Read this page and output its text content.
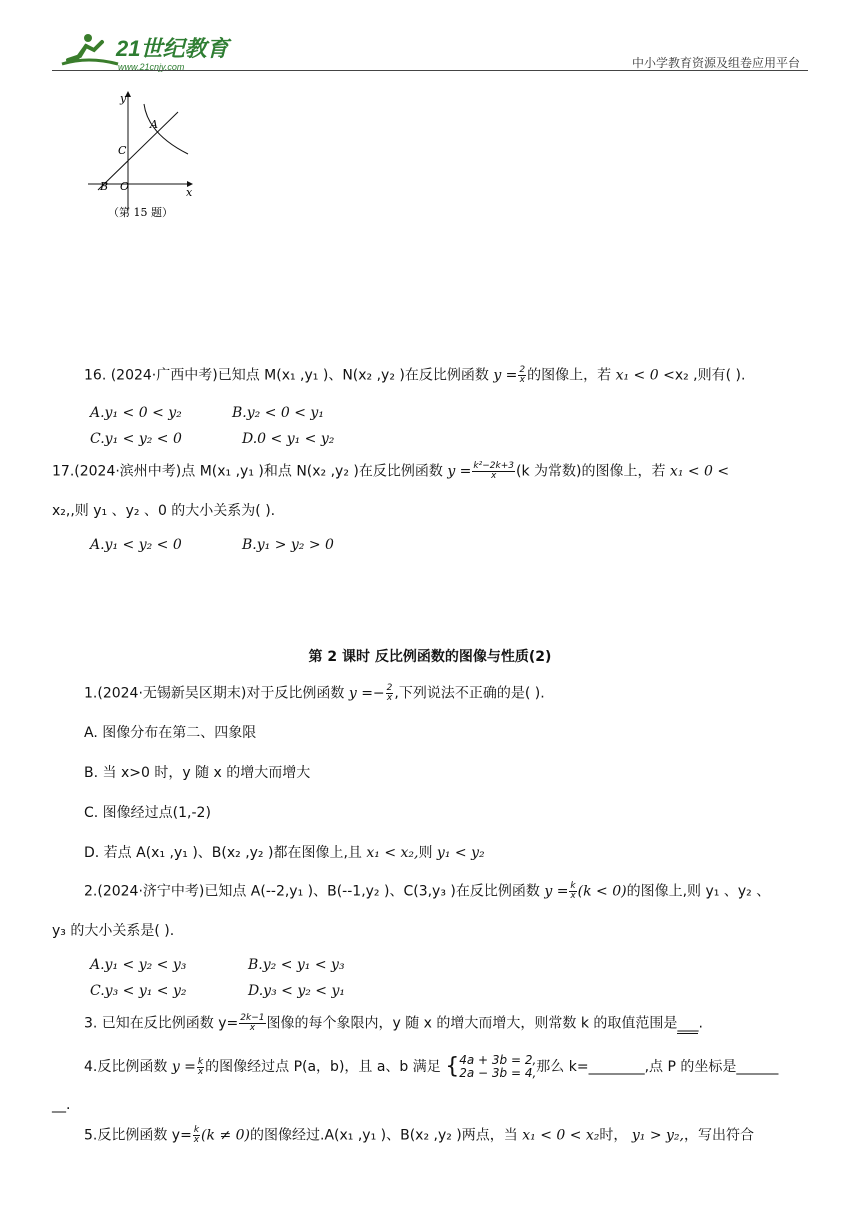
21世纪教育
www.21cnjy.com	中小学教育资源及组卷应用平台
y
x
A
C
B O
（第 15 题）
16. (2024·广西中考)已知点 M(x₁ ,y₁ )、N(x₂ ,y₂ )在反比例函数 $y = \frac{2}{x}$ 的图像上，若 x₁ < 0 <x₂ ,则有( ).
A.y₁ < 0 < y₂	B.y₂ < 0 < y₁
C.y₁ < y₂ < 0	D.0 < y₁ < y₂
17.(2024·滨州中考)点 M(x₁ ,y₁ )和点 N(x₂ ,y₂ )在反比例函数 $y = \frac{\text{k²−2k+3}}{x} (k$ 为常数)的图像上，若 x₁ < 0 <
x₂,,则 y₁ 、y₂ 、0 的大小关系为( ).
A.y₁ < y₂ < 0	B.y₁ > y₂ > 0
第 2 课时 反比例函数的图像与性质(2)
1.(2024·无锡新吴区期末)对于反比例函数 $y =- \frac{2}{x}$ ,下列说法不正确的是( ).
A. 图像分布在第二、四象限
B. 当 x>0 时，y 随 x 的增大而增大
C. 图像经过点(1,-2)
D. 若点 A(x₁ ,y₁ )、B(x₂ ,y₂ )都在图像上,且 x₁ < x₂,则 y₁ < y₂
2.(2024·济宁中考)已知点 A(--2,y₁ )、B(--1,y₂ )、C(3,y₃ )在反比例函数 $y = \frac{k}{x} (k < 0)$的图像上,则 y₁ 、y₂ 、
y₃ 的大小关系是( ).
A.y₁ < y₂ < y₃	B.y₂ < y₁ < y₃
C.y₃ < y₁ < y₂	D.y₃ < y₂ < y₁
3. 已知在反比例函数 $y= \frac{2k-1}{x}$ 图像的每个象限内，y 随 x 的增大而增大，则常数 k 的取值范围是___.
4.反比例函数 $y = \frac{k}{x}$ 的图像经过点 P(a，b)，且 a、b 满足 { 4a + 3b = 2,
2a − 3b = 4, 那么 k=________,点 P 的坐标是______
__.
5.反比例函数 $y= \frac{k}{x} (k \ne 0)$的图像经过.A(x₁ ,y₁ )、B(x₂ ,y₂ )两点，当 x₁ < 0 < x₂时， y₁ > y₂,，写出符合
